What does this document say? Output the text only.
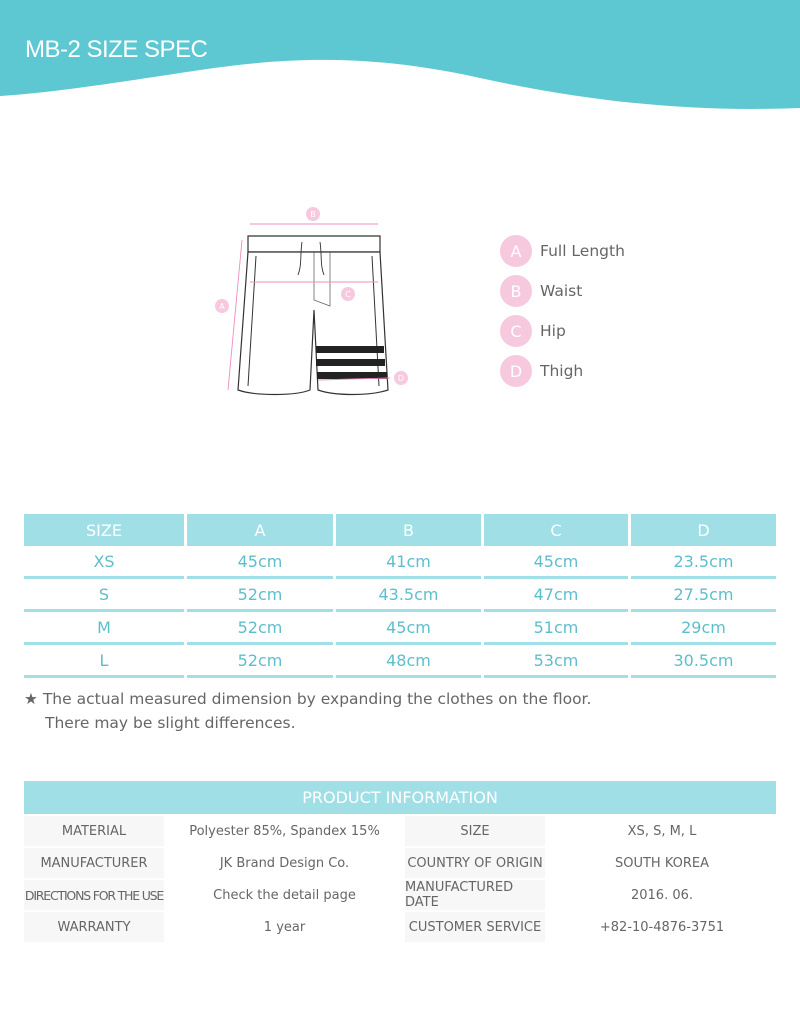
MB-2 SIZE SPEC
B
A
C
D
A	Full Length
B	Waist
C	Hip
D	Thigh
SIZE	A	B	C	D
XS	45cm	41cm	45cm	23.5cm
S	52cm	43.5cm	47cm	27.5cm
M	52cm	45cm	51cm	29cm
L	52cm	48cm	53cm	30.5cm
★ The actual measured dimension by expanding the clothes on the floor.
There may be slight differences.
PRODUCT INFORMATION
MATERIAL	Polyester 85%, Spandex 15%	SIZE	XS, S, M, L
MANUFACTURER	JK Brand Design Co.	COUNTRY OF ORIGIN	SOUTH KOREA
DIRECTIONS FOR THE USE	Check the detail page	MANUFACTURED DATE	2016. 06.
WARRANTY	1 year	CUSTOMER SERVICE	+82-10-4876-3751
